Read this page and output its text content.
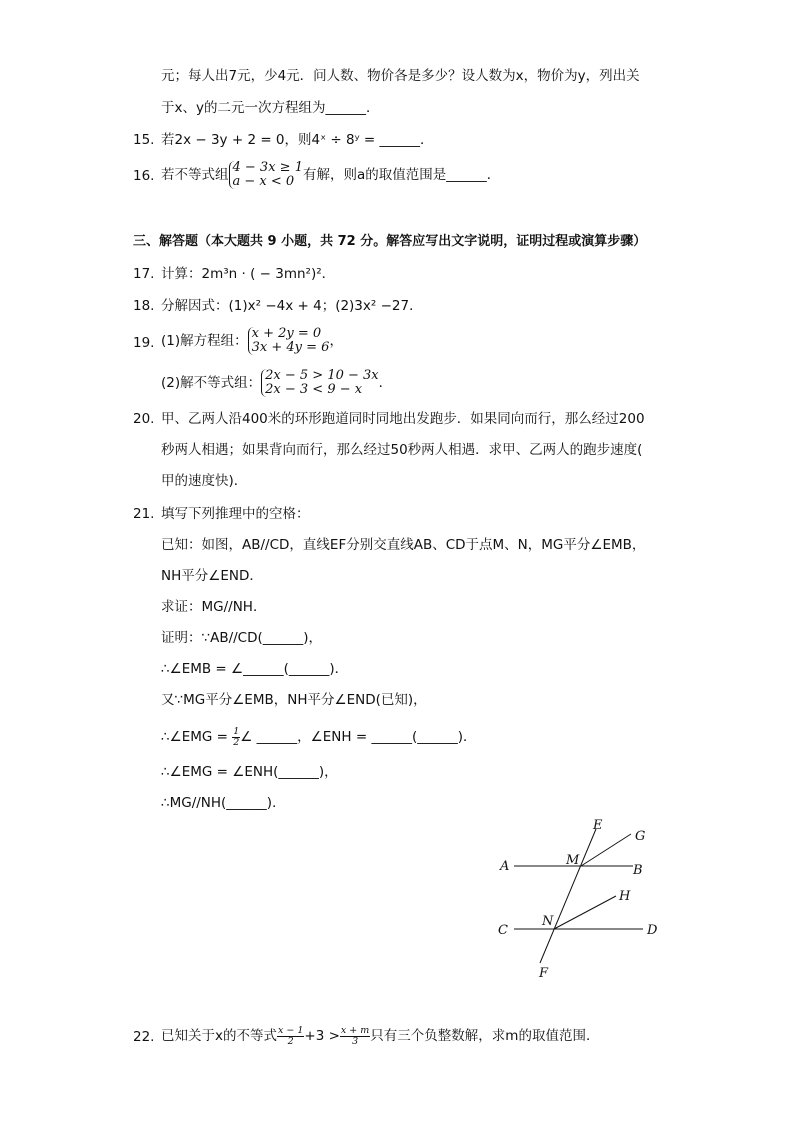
元；每人出7元，少4元．问人数、物价各是多少？设人数为x，物价为y，列出关
于x、y的二元一次方程组为______．
15. 若2x − 3y + 2 = 0，则4ˣ ÷ 8ʸ = ______．
16. 若不等式组 4 − 3x ≥ 1
a − x < 0 有解，则a的取值范围是______．
三、解答题（本大题共 9 小题，共 72 分。解答应写出文字说明，证明过程或演算步骤）
17. 计算：2m³n · ( − 3mn²)²．
18. 分解因式：(1)x² −4x + 4；(2)3x² −27．
19. (1)解方程组： x + 2y = 0
3x + 4y = 6 ，
(2)解不等式组： 2x − 5 > 10 − 3x
2x − 3 < 9 − x	．
20. 甲、乙两人沿400米的环形跑道同时同地出发跑步．如果同向而行，那么经过200
秒两人相遇；如果背向而行，那么经过50秒两人相遇．求甲、乙两人的跑步速度(
甲的速度快)．
21. 填写下列推理中的空格：
已知：如图，AB//CD，直线EF分别交直线AB、CD于点M、N，MG平分∠EMB，
NH平分∠END．
求证：MG//NH．
证明：∵AB//CD(______)，
∴∠EMB = ∠______(______)．
又∵MG平分∠EMB，NH平分∠END(已知)，
∴∠EMG = $\frac{1}{2}$ ∠ ______，∠ENH = ______(______)．
∴∠EMG = ∠ENH(______)，
∴MG//NH(______)．
E
G
A	M
B
H
C
N
D
F
22. 已知关于x的不等式 $\frac{x - 1}{2} +3 > \frac{x + m}{3}$ 只有三个负整数解，求m的取值范围．
